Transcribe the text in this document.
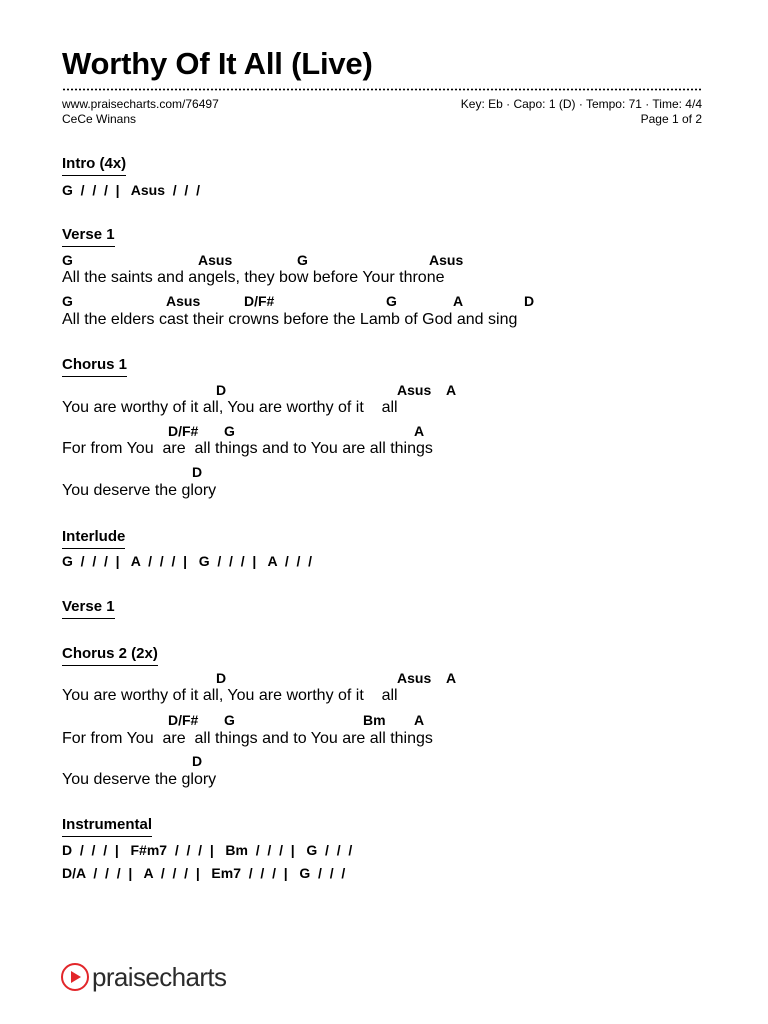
Worthy Of It All (Live)
www.praisecharts.com/76497	Key: Eb · Capo: 1 (D) · Tempo: 71 · Time: 4/4
CeCe Winans	Page 1 of 2
Intro (4x)
G  /  /  /  |   Asus  /  /  /
Verse 1
G	Asus	G	Asus
All the saints and angels, they bow before Your throne
G	Asus	D/F#	G	A	D
All the elders cast their crowns before the Lamb of God and sing
Chorus 1
D	Asus A
You are worthy of it all, You are worthy of it    all
D/F# G	A
For from You  are  all things and to You are all things
D
You deserve the glory
Interlude
G  /  /  /  |   A  /  /  /  |   G  /  /  /  |   A  /  /  /
Verse 1
Chorus 2 (2x)
D	Asus A
You are worthy of it all, You are worthy of it    all
D/F# G	Bm A
For from You  are  all things and to You are all things
D
You deserve the glory
Instrumental
D  /  /  /  |   F#m7  /  /  /  |   Bm  /  /  /  |   G  /  /  /
D/A  /  /  /  |   A  /  /  /  |   Em7  /  /  /  |   G  /  /  /
praisecharts
